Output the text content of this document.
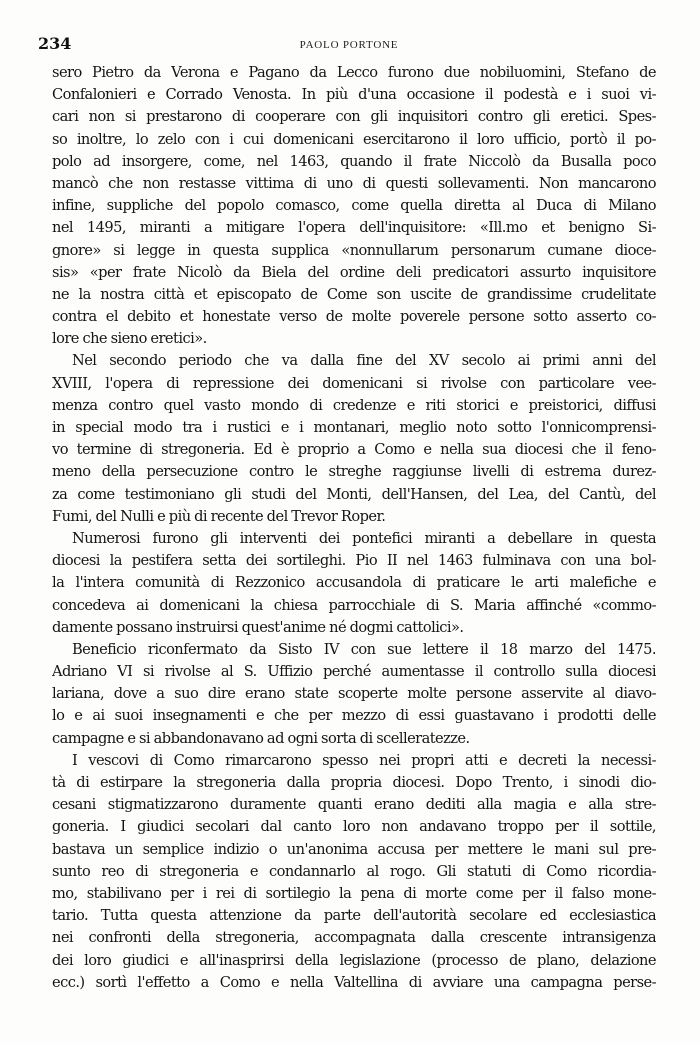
234	PAOLO PORTONE
sero Pietro da Verona e Pagano da Lecco furono due nobiluomini, Stefano de
Confalonieri e Corrado Venosta. In più d'una occasione il podestà e i suoi vi-
cari non si prestarono di cooperare con gli inquisitori contro gli eretici. Spes-
so inoltre, lo zelo con i cui domenicani esercitarono il loro ufficio, portò il po-
polo ad insorgere, come, nel 1463, quando il frate Niccolò da Busalla poco
mancò che non restasse vittima di uno di questi sollevamenti. Non mancarono
infine, suppliche del popolo comasco, come quella diretta al Duca di Milano
nel 1495, miranti a mitigare l'opera dell'inquisitore: «Ill.mo et benigno Si-
gnore» si legge in questa supplica «nonnullarum personarum cumane dioce-
sis» «per frate Nicolò da Biela del ordine deli predicatori assurto inquisitore
ne la nostra città et episcopato de Come son uscite de grandissime crudelitate
contra el debito et honestate verso de molte poverele persone sotto asserto co-
lore che sieno eretici».
Nel secondo periodo che va dalla fine del XV secolo ai primi anni del
XVIII, l'opera di repressione dei domenicani si rivolse con particolare vee-
menza contro quel vasto mondo di credenze e riti storici e preistorici, diffusi
in special modo tra i rustici e i montanari, meglio noto sotto l'onnicomprensi-
vo termine di stregoneria. Ed è proprio a Como e nella sua diocesi che il feno-
meno della persecuzione contro le streghe raggiunse livelli di estrema durez-
za come testimoniano gli studi del Monti, dell'Hansen, del Lea, del Cantù, del
Fumi, del Nulli e più di recente del Trevor Roper.
Numerosi furono gli interventi dei pontefici miranti a debellare in questa
diocesi la pestifera setta dei sortileghi. Pio II nel 1463 fulminava con una bol-
la l'intera comunità di Rezzonico accusandola di praticare le arti malefiche e
concedeva ai domenicani la chiesa parrocchiale di S. Maria affinché «commo-
damente possano instruirsi quest'anime né dogmi cattolici».
Beneficio riconfermato da Sisto IV con sue lettere il 18 marzo del 1475.
Adriano VI si rivolse al S. Uffizio perché aumentasse il controllo sulla diocesi
lariana, dove a suo dire erano state scoperte molte persone asservite al diavo-
lo e ai suoi insegnamenti e che per mezzo di essi guastavano i prodotti delle
campagne e si abbandonavano ad ogni sorta di scelleratezze.
I vescovi di Como rimarcarono spesso nei propri atti e decreti la necessi-
tà di estirpare la stregoneria dalla propria diocesi. Dopo Trento, i sinodi dio-
cesani stigmatizzarono duramente quanti erano dediti alla magia e alla stre-
goneria. I giudici secolari dal canto loro non andavano troppo per il sottile,
bastava un semplice indizio o un'anonima accusa per mettere le mani sul pre-
sunto reo di stregoneria e condannarlo al rogo. Gli statuti di Como ricordia-
mo, stabilivano per i rei di sortilegio la pena di morte come per il falso mone-
tario. Tutta questa attenzione da parte dell'autorità secolare ed ecclesiastica
nei confronti della stregoneria, accompagnata dalla crescente intransigenza
dei loro giudici e all'inasprirsi della legislazione (processo de plano, delazione
ecc.) sortì l'effetto a Como e nella Valtellina di avviare una campagna perse-
